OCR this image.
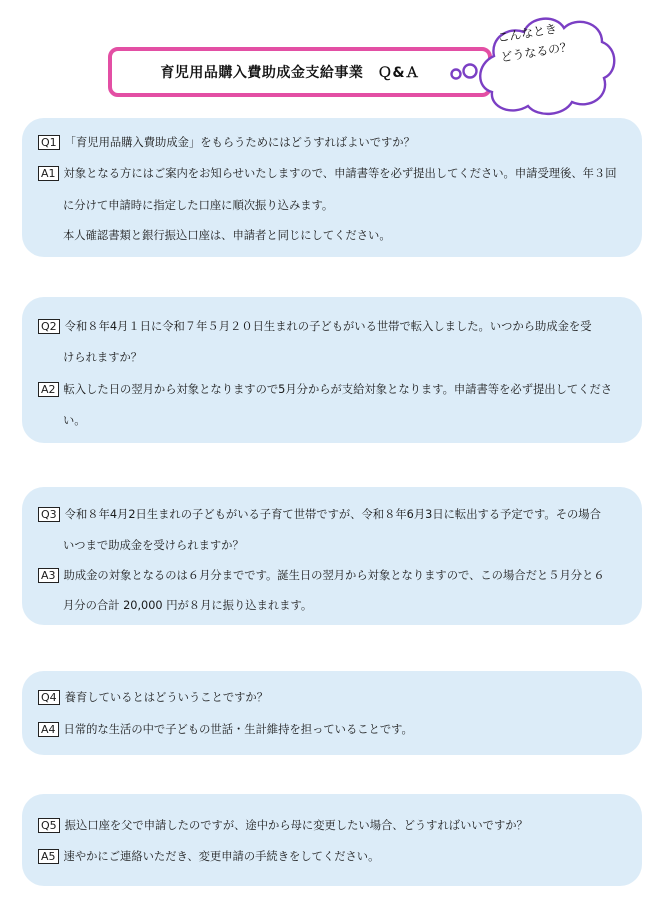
育児用品購入費助成金支給事業　Ｑ&Ａ
こんなとき
どうなるの？
Q1 「育児用品購入費助成金」をもらうためにはどうすればよいですか？
A1 対象となる方にはご案内をお知らせいたしますので、申請書等を必ず提出してください。申請受理後、年３回
に分けて申請時に指定した口座に順次振り込みます。
本人確認書類と銀行振込口座は、申請者と同じにしてください。
Q2 令和８年4月１日に令和７年５月２０日生まれの子どもがいる世帯で転入しました。いつから助成金を受
けられますか？
A2 転入した日の翌月から対象となりますので5月分からが支給対象となります。申請書等を必ず提出してくださ
い。
Q3 令和８年4月2日生まれの子どもがいる子育て世帯ですが、令和８年6月3日に転出する予定です。その場合
いつまで助成金を受けられますか？
A3 助成金の対象となるのは６月分までです。誕生日の翌月から対象となりますので、この場合だと５月分と６
月分の合計 20,000 円が８月に振り込まれます。
Q4 養育しているとはどういうことですか？
A4 日常的な生活の中で子どもの世話・生計維持を担っていることです。
Q5 振込口座を父で申請したのですが、途中から母に変更したい場合、どうすればいいですか？
A5 速やかにご連絡いただき、変更申請の手続きをしてください。
